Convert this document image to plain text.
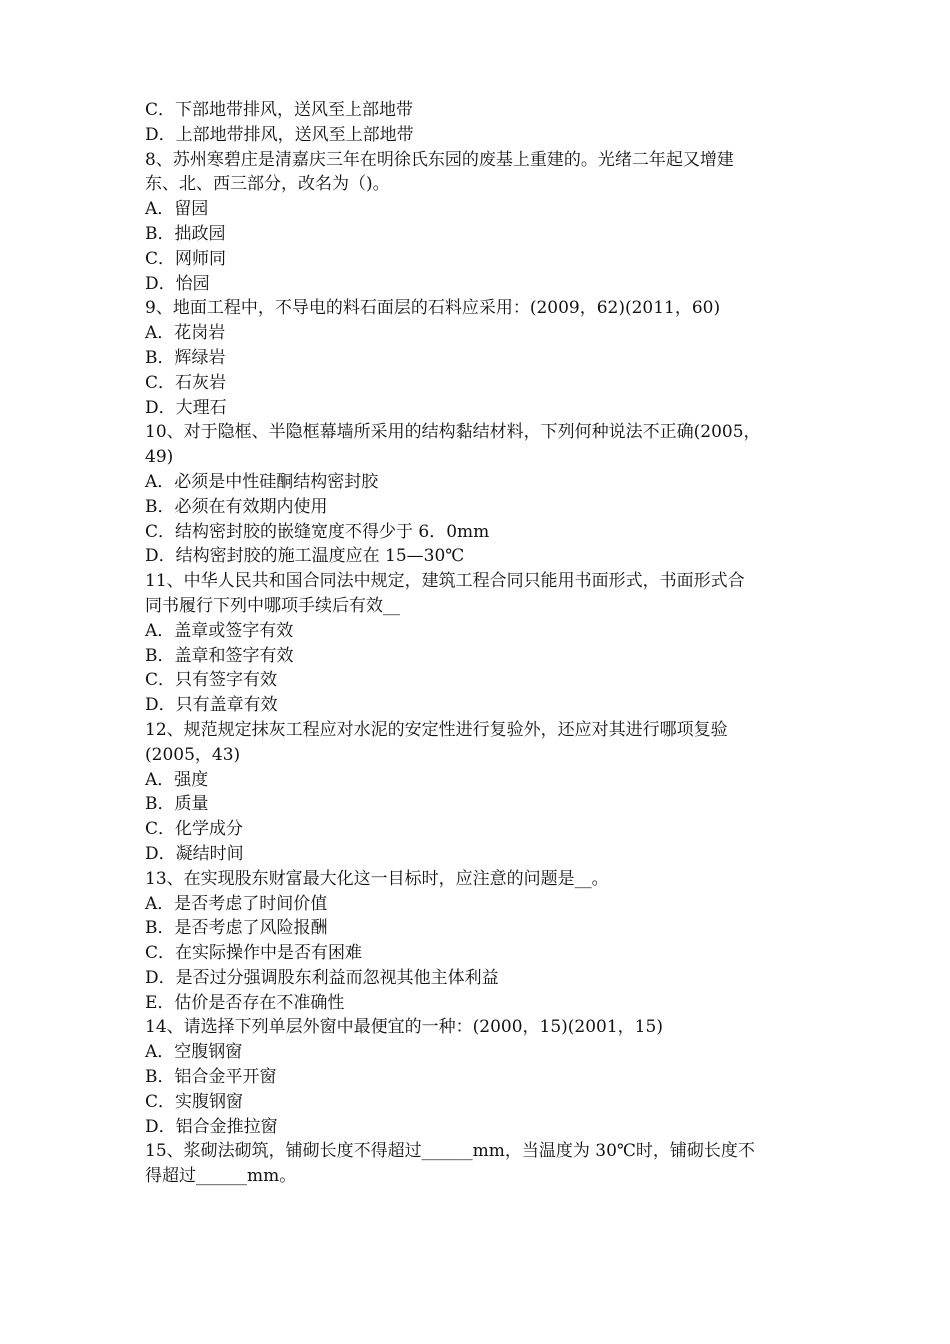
C．下部地带排风，送风至上部地带
D．上部地带排风，送风至上部地带
8、苏州寒碧庄是清嘉庆三年在明徐氏东园的废基上重建的。光绪二年起又增建
东、北、西三部分，改名为（)。
A．留园
B．拙政园
C．网师同
D．怡园
9、地面工程中，不导电的料石面层的石料应采用：(2009，62)(2011，60)
A．花岗岩
B．辉绿岩
C．石灰岩
D．大理石
10、对于隐框、半隐框幕墙所采用的结构黏结材料，下列何种说法不正确(2005，
49)
A．必须是中性硅酮结构密封胶
B．必须在有效期内使用
C．结构密封胶的嵌缝宽度不得少于 6．0mm
D．结构密封胶的施工温度应在 15—30℃
11、中华人民共和国合同法中规定，建筑工程合同只能用书面形式，书面形式合
同书履行下列中哪项手续后有效__
A．盖章或签字有效
B．盖章和签字有效
C．只有签字有效
D．只有盖章有效
12、规范规定抹灰工程应对水泥的安定性进行复验外，还应对其进行哪项复验
(2005，43)
A．强度
B．质量
C．化学成分
D．凝结时间
13、在实现股东财富最大化这一目标时，应注意的问题是__。
A．是否考虑了时间价值
B．是否考虑了风险报酬
C．在实际操作中是否有困难
D．是否过分强调股东利益而忽视其他主体利益
E．估价是否存在不准确性
14、请选择下列单层外窗中最便宜的一种：(2000，15)(2001，15)
A．空腹钢窗
B．铝合金平开窗
C．实腹钢窗
D．铝合金推拉窗
15、浆砌法砌筑，铺砌长度不得超过______mm，当温度为 30℃时，铺砌长度不
得超过______mm。
